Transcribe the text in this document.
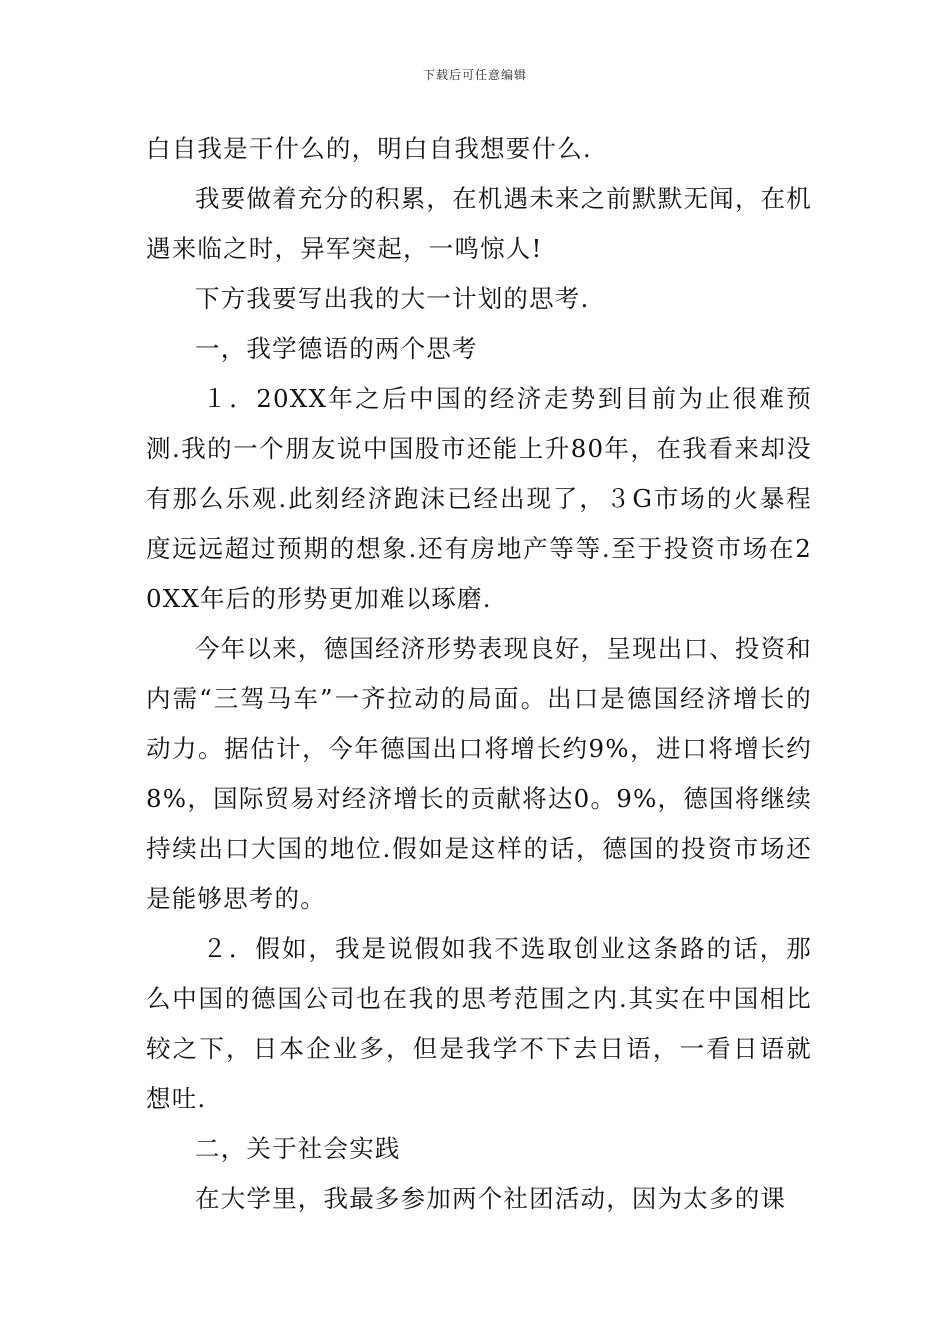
下载后可任意编辑

白自我是干什么的，明白自我想要什么.

我要做着充分的积累，在机遇未来之前默默无闻，在机遇来临之时，异军突起，一鸣惊人!

下方我要写出我的大一计划的思考.

一，我学德语的两个思考

１．20XX年之后中国的经济走势到目前为止很难预测.我的一个朋友说中国股市还能上升80年，在我看来却没有那么乐观.此刻经济跑沫已经出现了，３G市场的火暴程度远远超过预期的想象.还有房地产等等.至于投资市场在20XX年后的形势更加难以琢磨.

今年以来，德国经济形势表现良好，呈现出口、投资和内需“三驾马车”一齐拉动的局面。出口是德国经济增长的动力。据估计，今年德国出口将增长约9%，进口将增长约8%，国际贸易对经济增长的贡献将达0。9%，德国将继续持续出口大国的地位.假如是这样的话，德国的投资市场还是能够思考的。

２．假如，我是说假如我不选取创业这条路的话，那么中国的德国公司也在我的思考范围之内.其实在中国相比较之下，日本企业多，但是我学不下去日语，一看日语就想吐.

二，关于社会实践

在大学里，我最多参加两个社团活动，因为太多的课
